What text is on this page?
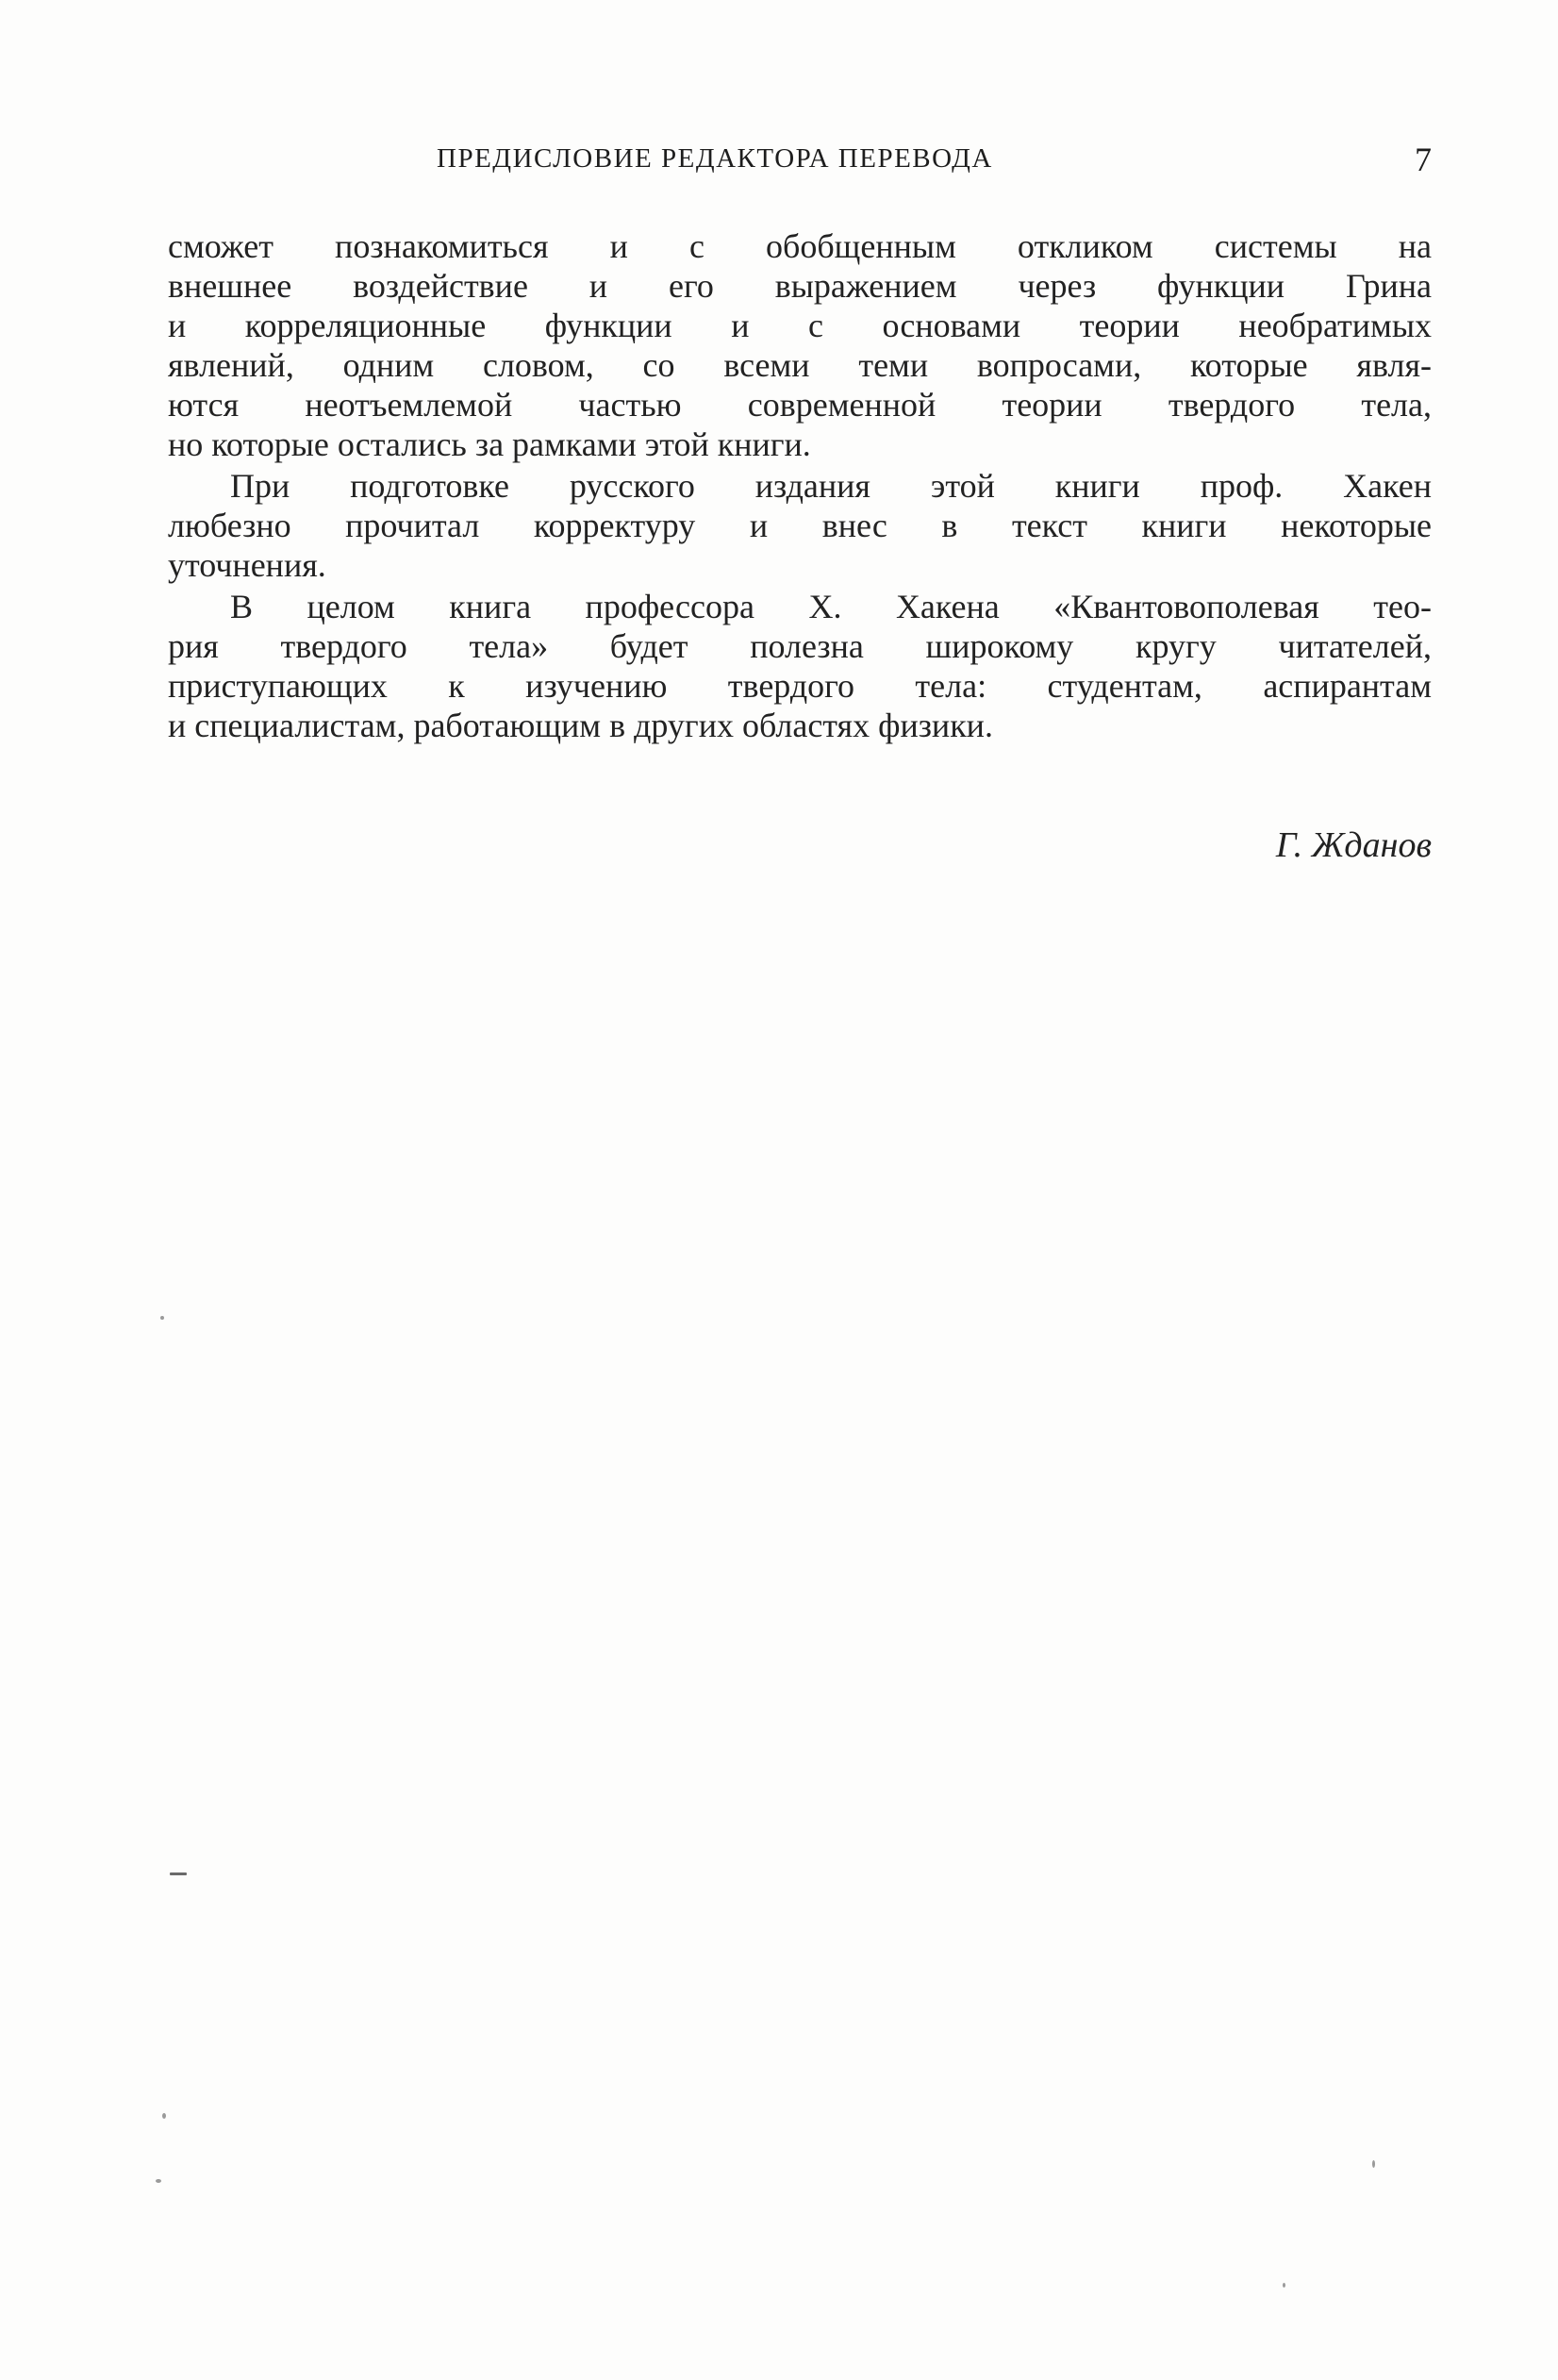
ПРЕДИСЛОВИЕ РЕДАКТОРА ПЕРЕВОДА	7
сможет познакомиться и с обобщенным откликом системы на
внешнее воздействие и его выражением через функции Грина
и корреляционные функции и с основами теории необратимых
явлений, одним словом, со всеми теми вопросами, которые явля-
ются неотъемлемой частью современной теории твердого тела,
но которые остались за рамками этой книги.
При подготовке русского издания этой книги проф. Хакен
любезно прочитал корректуру и внес в текст книги некоторые
уточнения.
В целом книга профессора Х. Хакена «Квантовополевая тео-
рия твердого тела» будет полезна широкому кругу читателей,
приступающих к изучению твердого тела: студентам, аспирантам
и специалистам, работающим в других областях физики.
Г. Жданов
